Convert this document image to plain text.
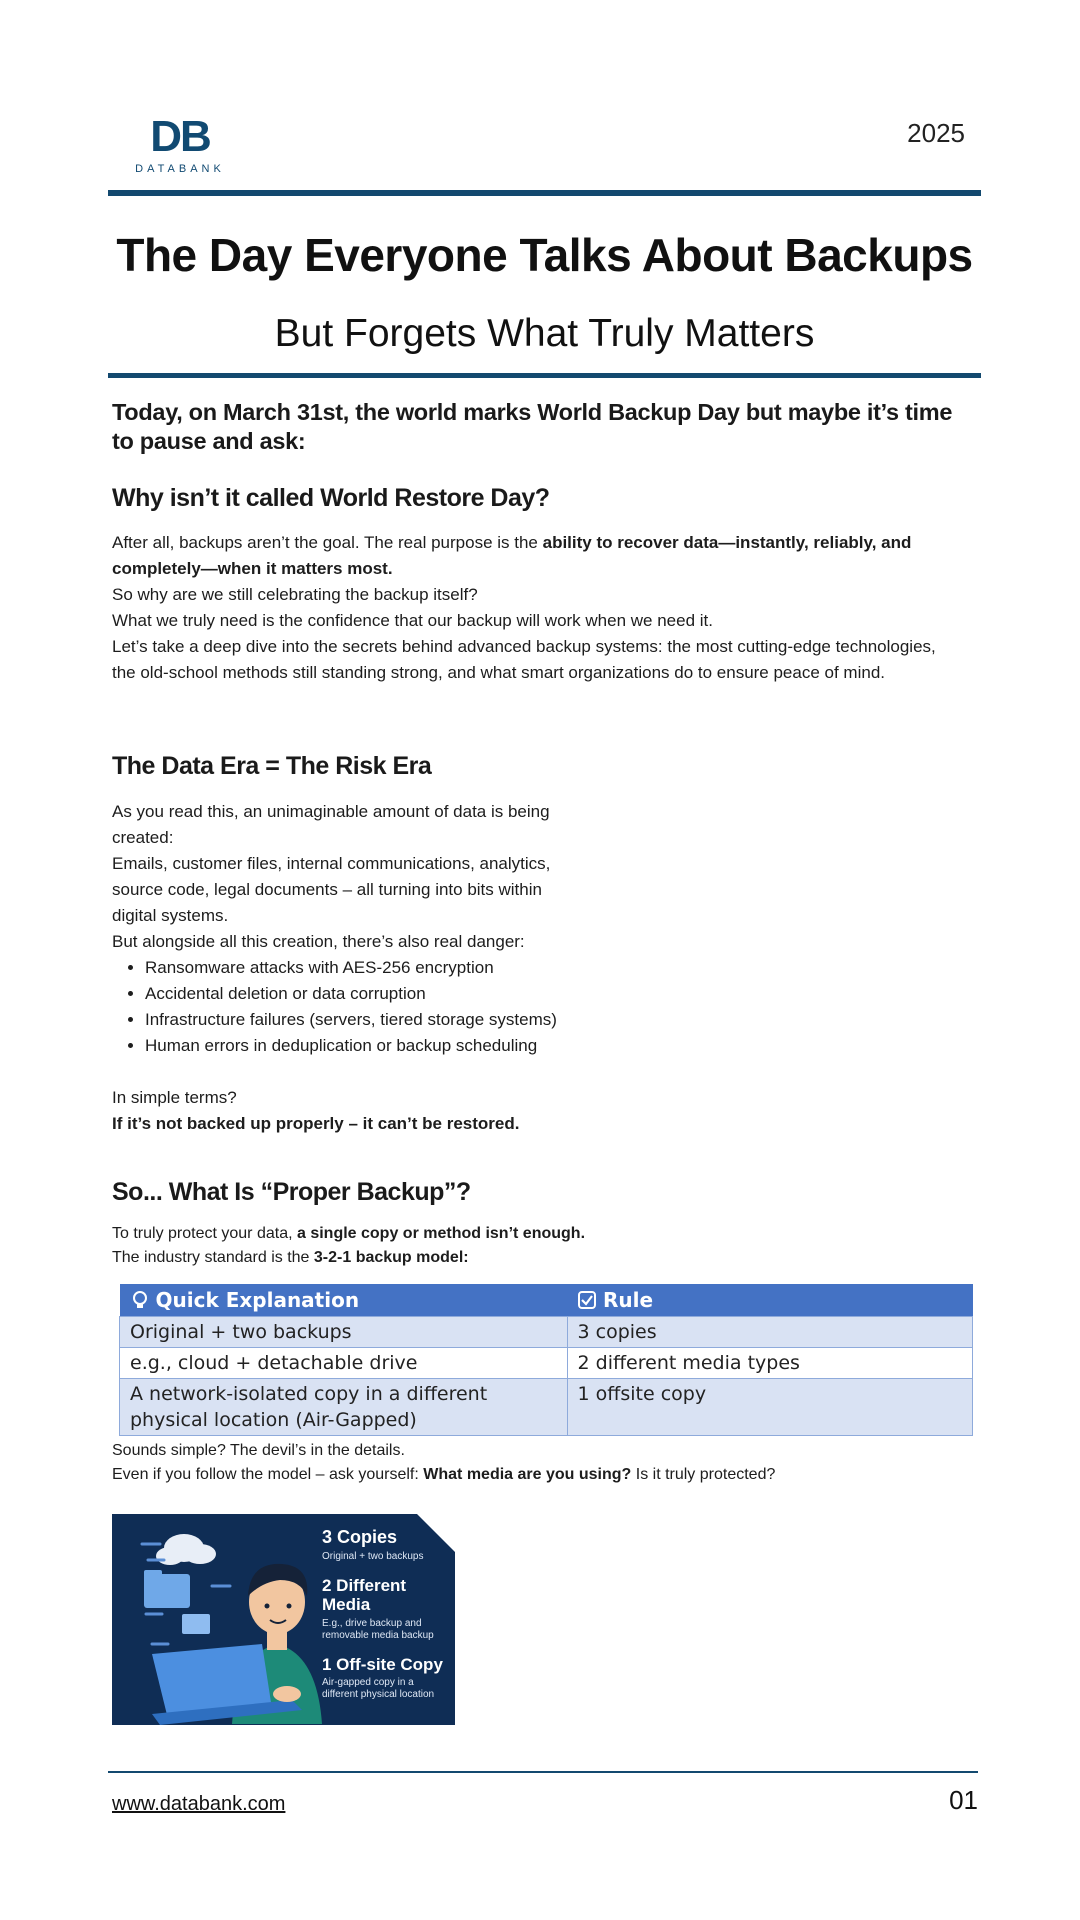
DB
DATABANK
2025
The Day Everyone Talks About Backups
But Forgets What Truly Matters
Today, on March 31st, the world marks World Backup Day but maybe it’s time to pause and ask:
Why isn’t it called World Restore Day?
After all, backups aren’t the goal. The real purpose is the ability to recover data—instantly, reliably, and completely—when it matters most.
So why are we still celebrating the backup itself?
What we truly need is the confidence that our backup will work when we need it.
Let’s take a deep dive into the secrets behind advanced backup systems: the most cutting-edge technologies, the old-school methods still standing strong, and what smart organizations do to ensure peace of mind.
The Data Era = The Risk Era
As you read this, an unimaginable amount of data is being created:
Emails, customer files, internal communications, analytics, source code, legal documents – all turning into bits within digital systems.
But alongside all this creation, there’s also real danger:
• Ransomware attacks with AES-256 encryption
• Accidental deletion or data corruption
• Infrastructure failures (servers, tiered storage systems)
• Human errors in deduplication or backup scheduling
In simple terms?
If it’s not backed up properly – it can’t be restored.
So... What Is “Proper Backup”?
To truly protect your data, a single copy or method isn’t enough.
The industry standard is the 3-2-1 backup model:
Quick Explanation	Rule
Original + two backups	3 copies
e.g., cloud + detachable drive	2 different media types
A network-isolated copy in a different physical location (Air-Gapped)	1 offsite copy
Sounds simple? The devil’s in the details.
Even if you follow the model – ask yourself: What media are you using? Is it truly protected?
3 Copies
Original + two backups
2 Different Media
E.g., drive backup and removable media backup
1 Off-site Copy
Air-gapped copy in a different physical location
www.databank.com	01
